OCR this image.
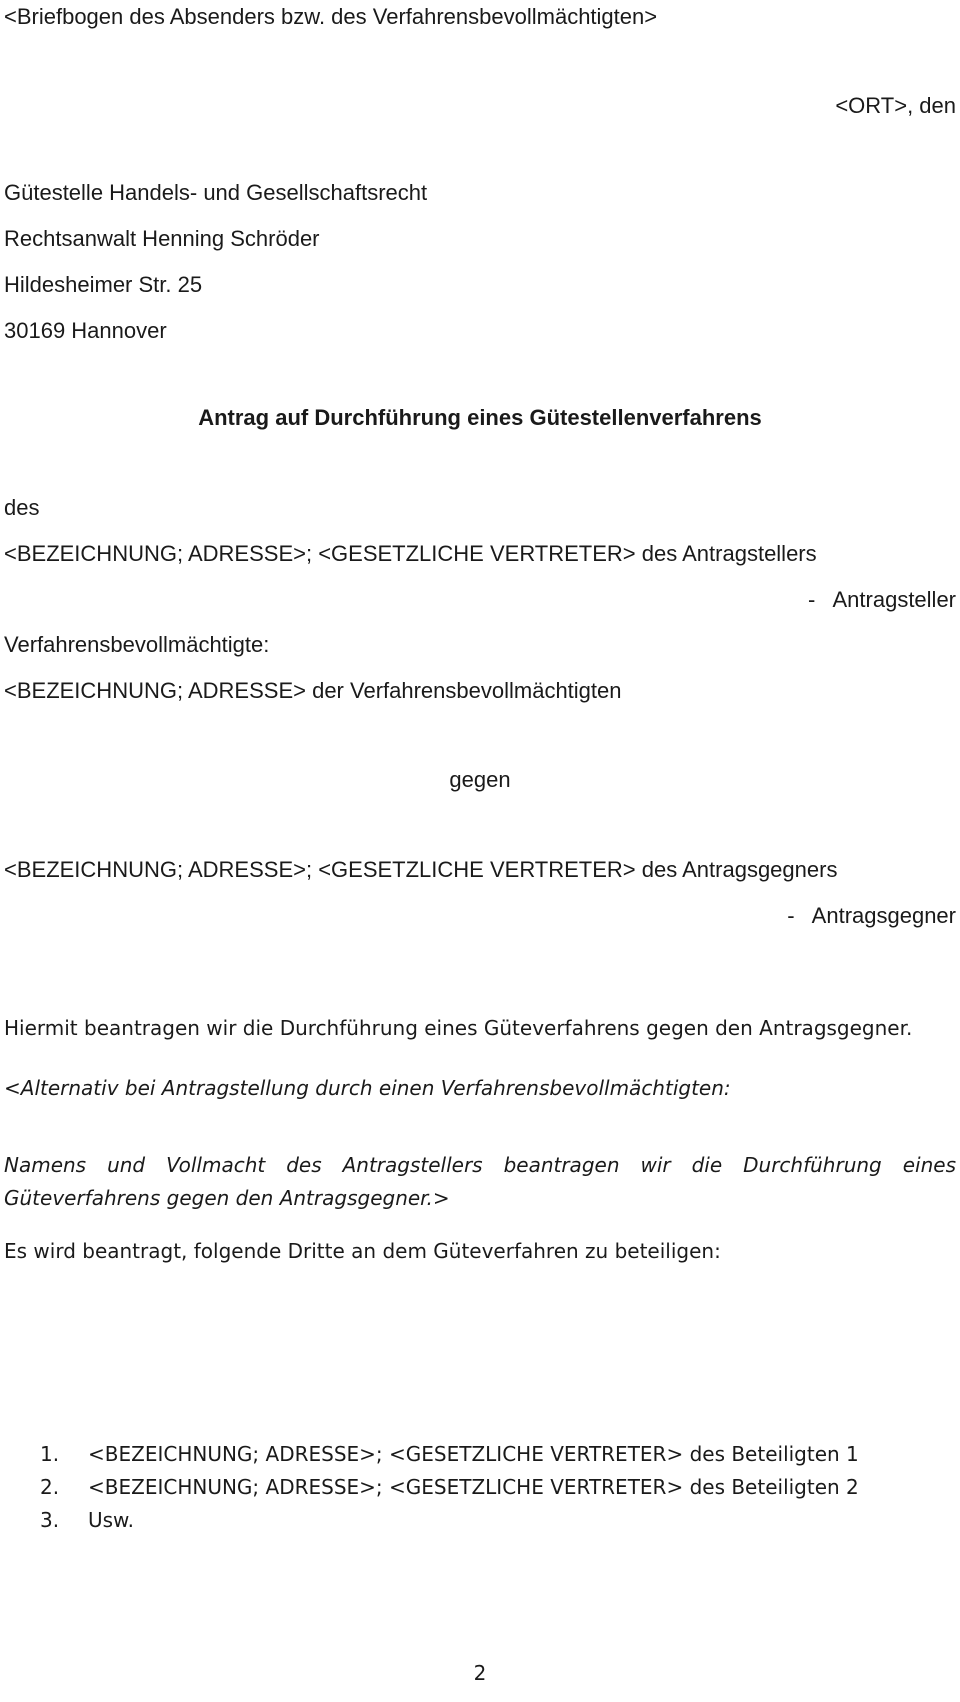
<Briefbogen des Absenders bzw. des Verfahrensbevollmächtigten>

<ORT>, den

Gütestelle Handels- und Gesellschaftsrecht

Rechtsanwalt Henning Schröder

Hildesheimer Str. 25

30169 Hannover

Antrag auf Durchführung eines Gütestellenverfahrens

des

<BEZEICHNUNG; ADRESSE>; <GESETZLICHE VERTRETER> des Antragstellers

-   Antragsteller

Verfahrensbevollmächtigte:

<BEZEICHNUNG; ADRESSE> der Verfahrensbevollmächtigten

gegen

<BEZEICHNUNG; ADRESSE>; <GESETZLICHE VERTRETER> des Antragsgegners

-   Antragsgegner

Hiermit beantragen wir die Durchführung eines Güteverfahrens gegen den Antragsgegner.

<Alternativ bei Antragstellung durch einen Verfahrensbevollmächtigten:

Namens und Vollmacht des Antragstellers beantragen wir die Durchführung eines Güteverfahrens gegen den Antragsgegner.>

Es wird beantragt, folgende Dritte an dem Güteverfahren zu beteiligen:

1. <BEZEICHNUNG; ADRESSE>; <GESETZLICHE VERTRETER> des Beteiligten 1
2. <BEZEICHNUNG; ADRESSE>; <GESETZLICHE VERTRETER> des Beteiligten 2
3. Usw.

2
